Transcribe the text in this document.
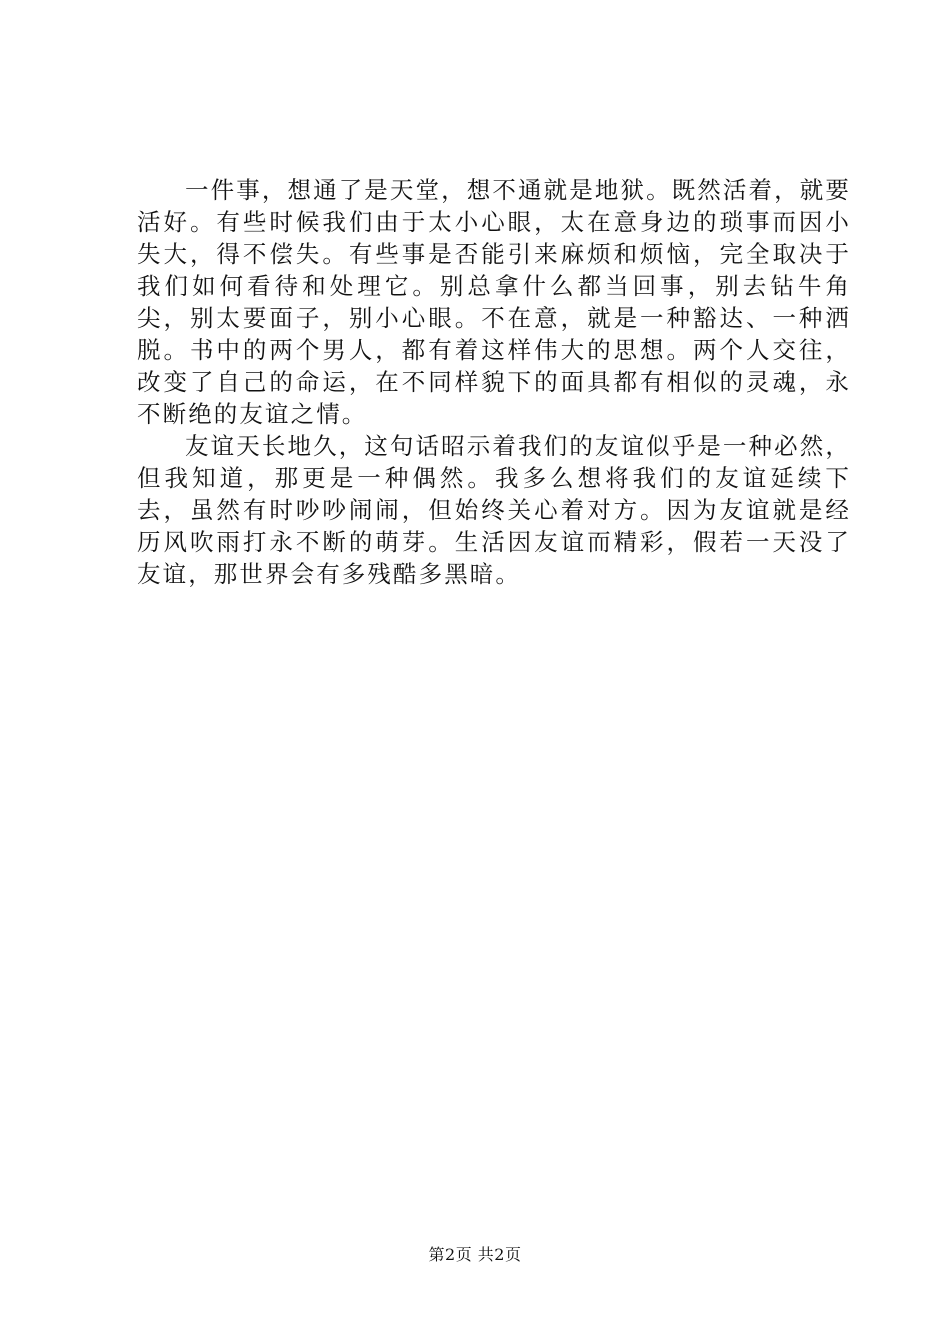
一件事，想通了是天堂，想不通就是地狱。既然活着，就要活好。有些时候我们由于太小心眼，太在意身边的琐事而因小失大，得不偿失。有些事是否能引来麻烦和烦恼，完全取决于我们如何看待和处理它。别总拿什么都当回事，别去钻牛角尖，别太要面子，别小心眼。不在意，就是一种豁达、一种洒脱。书中的两个男人，都有着这样伟大的思想。两个人交往，改变了自己的命运，在不同样貌下的面具都有相似的灵魂，永不断绝的友谊之情。

友谊天长地久，这句话昭示着我们的友谊似乎是一种必然，但我知道，那更是一种偶然。我多么想将我们的友谊延续下去，虽然有时吵吵闹闹，但始终关心着对方。因为友谊就是经历风吹雨打永不断的萌芽。生活因友谊而精彩，假若一天没了友谊，那世界会有多残酷多黑暗。

第2页 共2页
